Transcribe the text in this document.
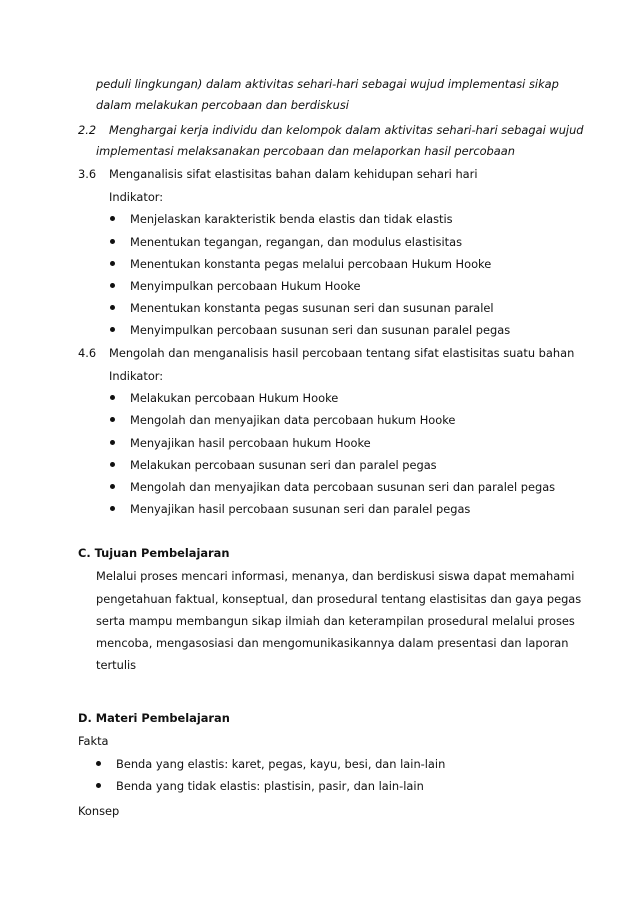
peduli lingkungan) dalam aktivitas sehari-hari sebagai wujud implementasi sikap
dalam melakukan percobaan dan berdiskusi
2.2 Menghargai kerja individu dan kelompok dalam aktivitas sehari-hari sebagai wujud
implementasi melaksanakan percobaan dan melaporkan hasil percobaan
3.6 Menganalisis sifat elastisitas bahan dalam kehidupan sehari hari
Indikator:
Menjelaskan karakteristik benda elastis dan tidak elastis
Menentukan tegangan, regangan, dan modulus elastisitas
Menentukan konstanta pegas melalui percobaan Hukum Hooke
Menyimpulkan percobaan Hukum Hooke
Menentukan konstanta pegas susunan seri dan susunan paralel
Menyimpulkan percobaan susunan seri dan susunan paralel pegas
4.6 Mengolah dan menganalisis hasil percobaan tentang sifat elastisitas suatu bahan
Indikator:
Melakukan percobaan Hukum Hooke
Mengolah dan menyajikan data percobaan hukum Hooke
Menyajikan hasil percobaan hukum Hooke
Melakukan percobaan susunan seri dan paralel pegas
Mengolah dan menyajikan data percobaan susunan seri dan paralel pegas
Menyajikan hasil percobaan susunan seri dan paralel pegas
C. Tujuan Pembelajaran
Melalui proses mencari informasi, menanya, dan berdiskusi siswa dapat memahami
pengetahuan faktual, konseptual, dan prosedural tentang elastisitas dan gaya pegas
serta mampu membangun sikap ilmiah dan keterampilan prosedural melalui proses
mencoba, mengasosiasi dan mengomunikasikannya dalam presentasi dan laporan
tertulis
D. Materi Pembelajaran
Fakta
Benda yang elastis: karet, pegas, kayu, besi, dan lain-lain
Benda yang tidak elastis: plastisin, pasir, dan lain-lain
Konsep
